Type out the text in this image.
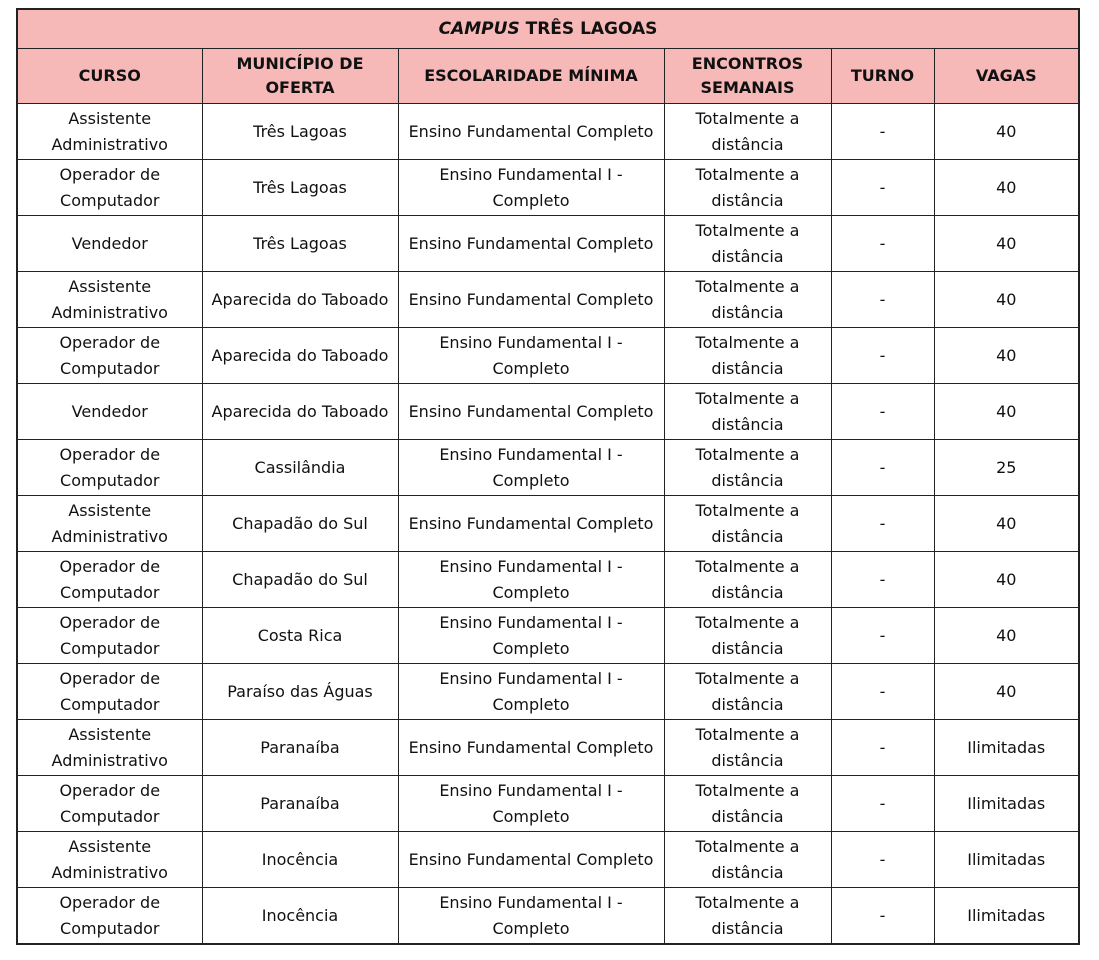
CAMPUS TRÊS LAGOAS					
CURSO	MUNICÍPIO DE OFERTA	ESCOLARIDADE MÍNIMA	ENCONTROS SEMANAIS	TURNO	VAGAS
Assistente Administrativo	Três Lagoas	Ensino Fundamental Completo	Totalmente a distância	-	40
Operador de Computador	Três Lagoas	Ensino Fundamental I - Completo	Totalmente a distância	-	40
Vendedor	Três Lagoas	Ensino Fundamental Completo	Totalmente a distância	-	40
Assistente Administrativo	Aparecida do Taboado	Ensino Fundamental Completo	Totalmente a distância	-	40
Operador de Computador	Aparecida do Taboado	Ensino Fundamental I - Completo	Totalmente a distância	-	40
Vendedor	Aparecida do Taboado	Ensino Fundamental Completo	Totalmente a distância	-	40
Operador de Computador	Cassilândia	Ensino Fundamental I - Completo	Totalmente a distância	-	25
Assistente Administrativo	Chapadão do Sul	Ensino Fundamental Completo	Totalmente a distância	-	40
Operador de Computador	Chapadão do Sul	Ensino Fundamental I - Completo	Totalmente a distância	-	40
Operador de Computador	Costa Rica	Ensino Fundamental I - Completo	Totalmente a distância	-	40
Operador de Computador	Paraíso das Águas	Ensino Fundamental I - Completo	Totalmente a distância	-	40
Assistente Administrativo	Paranaíba	Ensino Fundamental Completo	Totalmente a distância	-	Ilimitadas
Operador de Computador	Paranaíba	Ensino Fundamental I - Completo	Totalmente a distância	-	Ilimitadas
Assistente Administrativo	Inocência	Ensino Fundamental Completo	Totalmente a distância	-	Ilimitadas
Operador de Computador	Inocência	Ensino Fundamental I - Completo	Totalmente a distância	-	Ilimitadas
